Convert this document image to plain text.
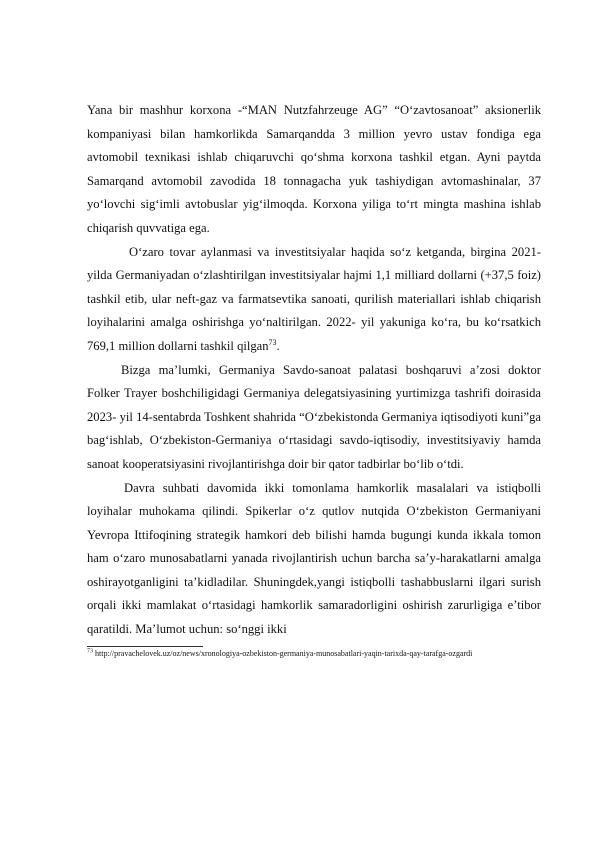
Yana bir mashhur korxona -“MAN Nutzfahrzeuge AG” “O‘zavtosanoat” aksionerlik kompaniyasi bilan hamkorlikda Samarqandda 3 million yevro ustav fondiga ega avtomobil texnikasi ishlab chiqaruvchi qo‘shma korxona tashkil etgan. Ayni paytda Samarqand avtomobil zavodida 18 tonnagacha yuk tashiydigan avtomashinalar, 37 yo‘lovchi sig‘imli avtobuslar yig‘ilmoqda. Korxona yiliga to‘rt mingta mashina ishlab chiqarish quvvatiga ega.

O‘zaro tovar aylanmasi va investitsiyalar haqida so‘z ketganda, birgina 2021- yilda Germaniyadan o‘zlashtirilgan investitsiyalar hajmi 1,1 milliard dollarni (+37,5 foiz) tashkil etib, ular neft-gaz va farmatsevtika sanoati, qurilish materiallari ishlab chiqarish loyihalarini amalga oshirishga yo‘naltirilgan. 2022- yil yakuniga ko‘ra, bu ko‘rsatkich 769,1 million dollarni tashkil qilgan$^{73}$.

Bizga ma’lumki, Germaniya Savdo-sanoat palatasi boshqaruvi a’zosi doktor Folker Trayer boshchiligidagi Germaniya delegatsiyasining yurtimizga tashrifi doirasida 2023- yil 14-sentabrda Toshkent shahrida “O‘zbekistonda Germaniya iqtisodiyoti kuni”ga bag‘ishlab, O‘zbekiston-Germaniya o‘rtasidagi savdo-iqtisodiy, investitsiyaviy hamda sanoat kooperatsiyasini rivojlantirishga doir bir qator tadbirlar bo‘lib o‘tdi.

Davra suhbati davomida ikki tomonlama hamkorlik masalalari va istiqbolli loyihalar muhokama qilindi. Spikerlar o‘z qutlov nutqida O‘zbekiston Germaniyani Yevropa Ittifoqining strategik hamkori deb bilishi hamda bugungi kunda ikkala tomon ham o‘zaro munosabatlarni yanada rivojlantirish uchun barcha sa’y-harakatlarni amalga oshirayotganligini ta’kidladilar. Shuningdek,yangi istiqbolli tashabbuslarni ilgari surish orqali ikki mamlakat o‘rtasidagi hamkorlik samaradorligini oshirish zarurligiga e’tibor qaratildi. Ma’lumot uchun: so‘nggi ikki

$^{73}$ http://pravachelovek.uz/oz/news/xronologiya-ozbekiston-germaniya-munosabatlari-yaqin-tarixda-qay-tarafga-ozgardi
